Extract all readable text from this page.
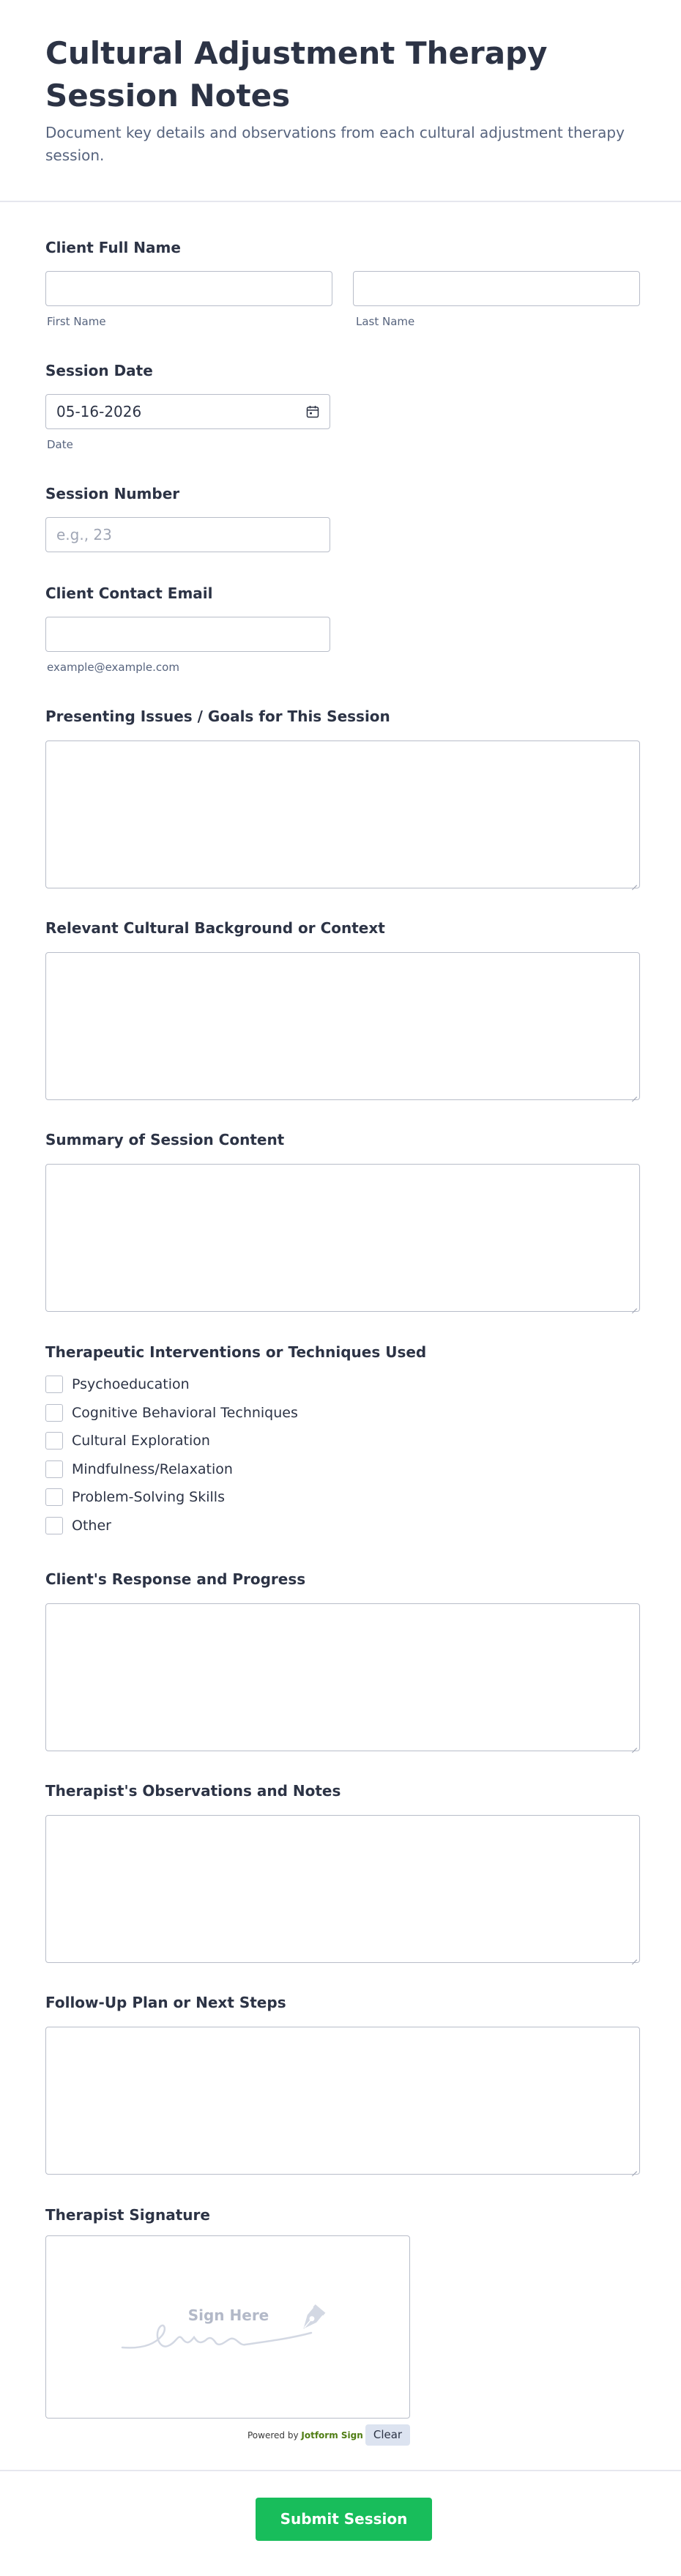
Cultural Adjustment Therapy Session Notes
Document key details and observations from each cultural adjustment therapy session.
Client Full Name
First Name	Last Name
Session Date
05-16-2026
Date
Session Number
e.g., 23
Client Contact Email
example@example.com
Presenting Issues / Goals for This Session
Relevant Cultural Background or Context
Summary of Session Content
Therapeutic Interventions or Techniques Used
Psychoeducation
Cognitive Behavioral Techniques
Cultural Exploration
Mindfulness/Relaxation
Problem-Solving Skills
Other
Client's Response and Progress
Therapist's Observations and Notes
Follow-Up Plan or Next Steps
Therapist Signature
Sign Here
Powered by Jotform Sign Clear
Submit Session Notes
